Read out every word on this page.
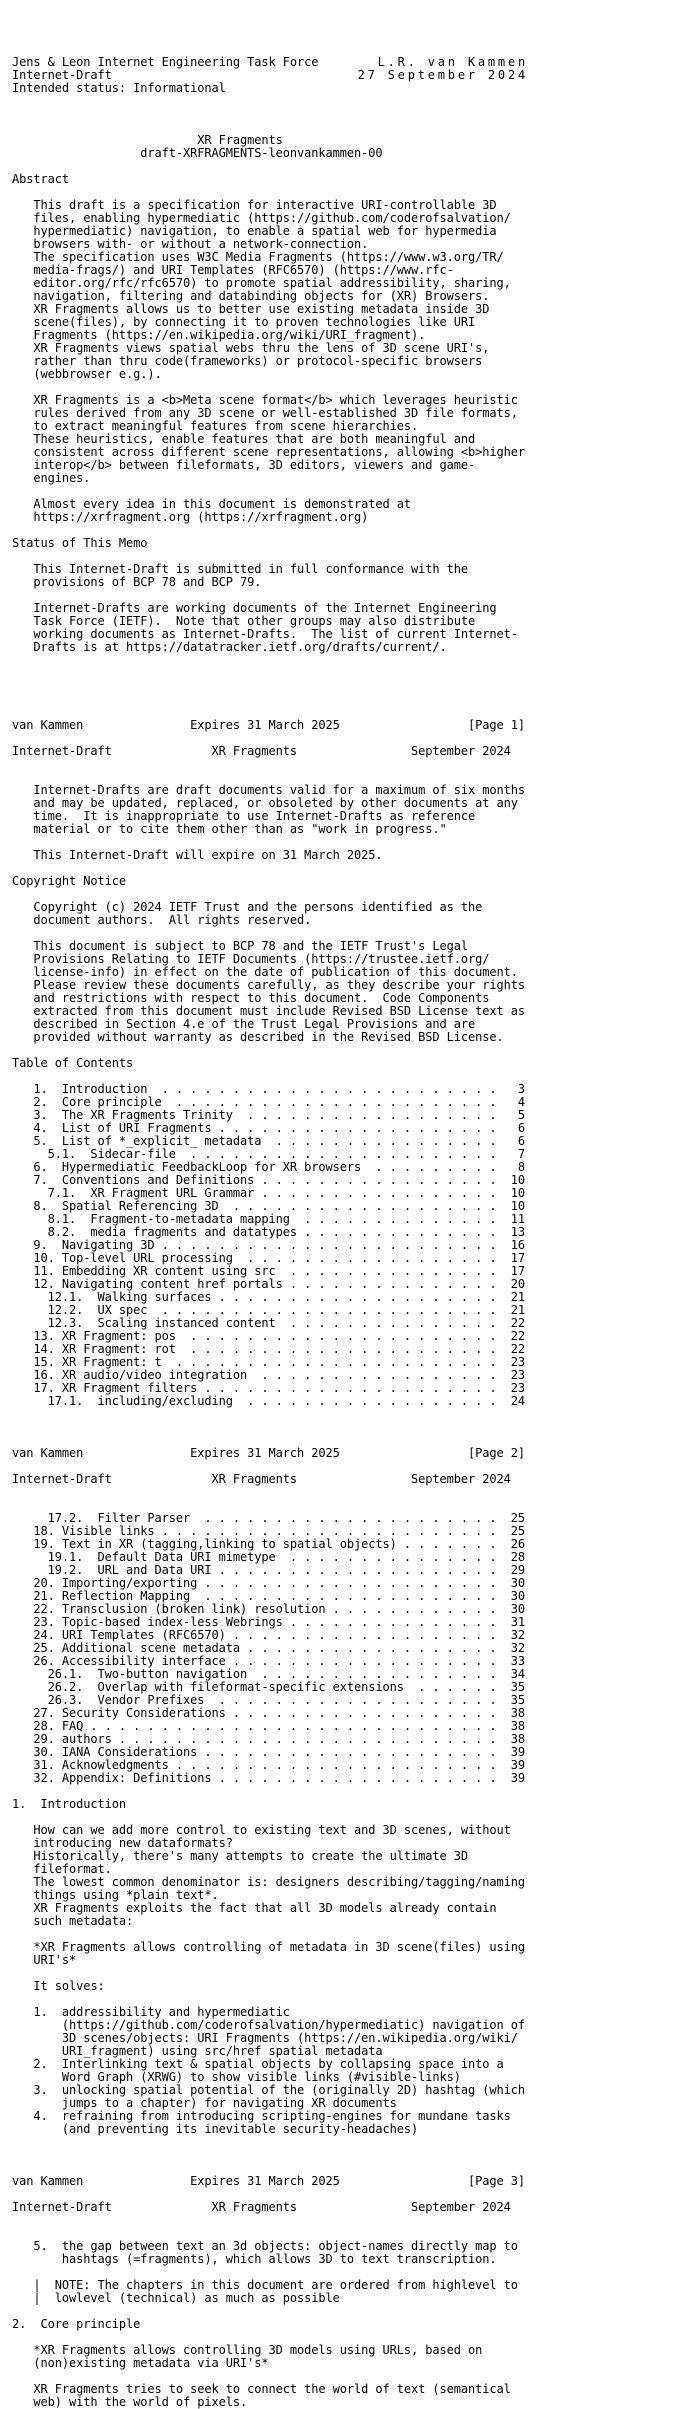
Jens & Leon Internet Engineering Task Force
Internet-Draft
Intended status: Informational
XR Fragments
draft-XRFRAGMENTS-leonvankammen-00
Abstract
This draft is a specification for interactive URI-controllable 3D
files, enabling hypermediatic (https://github.com/coderofsalvation/
hypermediatic) navigation, to enable a spatial web for hypermedia
browsers with- or without a network-connection.
The specification uses W3C Media Fragments (https://www.w3.org/TR/
media-frags/) and URI Templates (RFC6570) (https://www.rfc-
editor.org/rfc/rfc6570) to promote spatial addressibility, sharing,
navigation, filtering and databinding objects for (XR) Browsers.
XR Fragments allows us to better use existing metadata inside 3D
scene(files), by connecting it to proven technologies like URI
Fragments (https://en.wikipedia.org/wiki/URI_fragment).
XR Fragments views spatial webs thru the lens of 3D scene URI's,
rather than thru code(frameworks) or protocol-specific browsers
(webbrowser e.g.).
XR Fragments is a <b>Meta scene format</b> which leverages heuristic
rules derived from any 3D scene or well-established 3D file formats,
to extract meaningful features from scene hierarchies.
These heuristics, enable features that are both meaningful and
consistent across different scene representations, allowing <b>higher
interop</b> between fileformats, 3D editors, viewers and game-
engines.
Almost every idea in this document is demonstrated at
https://xrfragment.org (https://xrfragment.org)
Status of This Memo
This Internet-Draft is submitted in full conformance with the
provisions of BCP 78 and BCP 79.
Internet-Drafts are working documents of the Internet Engineering
Task Force (IETF).  Note that other groups may also distribute
working documents as Internet-Drafts.  The list of current Internet-
Drafts is at https://datatracker.ietf.org/drafts/current/.
van Kammen               Expires 31 March 2025                  [Page 1]
Internet-Draft              XR Fragments                September 2024
Internet-Drafts are draft documents valid for a maximum of six months
and may be updated, replaced, or obsoleted by other documents at any
time.  It is inappropriate to use Internet-Drafts as reference
material or to cite them other than as "work in progress."
This Internet-Draft will expire on 31 March 2025.
Copyright Notice
Copyright (c) 2024 IETF Trust and the persons identified as the
document authors.  All rights reserved.
This document is subject to BCP 78 and the IETF Trust's Legal
Provisions Relating to IETF Documents (https://trustee.ietf.org/
license-info) in effect on the date of publication of this document.
Please review these documents carefully, as they describe your rights
and restrictions with respect to this document.  Code Components
extracted from this document must include Revised BSD License text as
described in Section 4.e of the Trust Legal Provisions and are
provided without warranty as described in the Revised BSD License.
Table of Contents
1.  Introduction  . . . . . . . . . . . . . . . . . . . . . . . .   3
2.  Core principle  . . . . . . . . . . . . . . . . . . . . . . .   4
3.  The XR Fragments Trinity  . . . . . . . . . . . . . . . . . .   5
4.  List of URI Fragments . . . . . . . . . . . . . . . . . . . .   6
5.  List of *_explicit_ metadata  . . . . . . . . . . . . . . . .   6
5.1.  Sidecar-file  . . . . . . . . . . . . . . . . . . . . . .   7
6.  Hypermediatic FeedbackLoop for XR browsers  . . . . . . . . .   8
7.  Conventions and Definitions . . . . . . . . . . . . . . . . .  10
7.1.  XR Fragment URL Grammar . . . . . . . . . . . . . . . . .  10
8.  Spatial Referencing 3D  . . . . . . . . . . . . . . . . . . .  10
8.1.  Fragment-to-metadata mapping  . . . . . . . . . . . . . .  11
8.2.  media fragments and datatypes . . . . . . . . . . . . . .  13
9.  Navigating 3D . . . . . . . . . . . . . . . . . . . . . . . .  16
10. Top-level URL processing  . . . . . . . . . . . . . . . . . .  17
11. Embedding XR content using src  . . . . . . . . . . . . . . .  17
12. Navigating content href portals . . . . . . . . . . . . . . .  20
12.1.  Walking surfaces . . . . . . . . . . . . . . . . . . . .  21
12.2.  UX spec  . . . . . . . . . . . . . . . . . . . . . . . .  21
12.3.  Scaling instanced content  . . . . . . . . . . . . . . .  22
13. XR Fragment: pos  . . . . . . . . . . . . . . . . . . . . . .  22
14. XR Fragment: rot  . . . . . . . . . . . . . . . . . . . . . .  22
15. XR Fragment: t  . . . . . . . . . . . . . . . . . . . . . . .  23
16. XR audio/video integration  . . . . . . . . . . . . . . . . .  23
17. XR Fragment filters . . . . . . . . . . . . . . . . . . . . .  23
17.1.  including/excluding  . . . . . . . . . . . . . . . . . .  24
van Kammen               Expires 31 March 2025                  [Page 2]
Internet-Draft              XR Fragments                September 2024
17.2.  Filter Parser  . . . . . . . . . . . . . . . . . . . . .  25
18. Visible links . . . . . . . . . . . . . . . . . . . . . . . .  25
19. Text in XR (tagging,linking to spatial objects) . . . . . . .  26
19.1.  Default Data URI mimetype  . . . . . . . . . . . . . . .  28
19.2.  URL and Data URI . . . . . . . . . . . . . . . . . . . .  29
20. Importing/exporting . . . . . . . . . . . . . . . . . . . . .  30
21. Reflection Mapping  . . . . . . . . . . . . . . . . . . . . .  30
22. Transclusion (broken link) resolution . . . . . . . . . . . .  30
23. Topic-based index-less Webrings . . . . . . . . . . . . . . .  31
24. URI Templates (RFC6570) . . . . . . . . . . . . . . . . . . .  32
25. Additional scene metadata . . . . . . . . . . . . . . . . . .  32
26. Accessibility interface . . . . . . . . . . . . . . . . . . .  33
26.1.  Two-button navigation  . . . . . . . . . . . . . . . . .  34
26.2.  Overlap with fileformat-specific extensions  . . . . . .  35
26.3.  Vendor Prefixes  . . . . . . . . . . . . . . . . . . . .  35
27. Security Considerations . . . . . . . . . . . . . . . . . . .  38
28. FAQ . . . . . . . . . . . . . . . . . . . . . . . . . . . . .  38
29. authors . . . . . . . . . . . . . . . . . . . . . . . . . . .  38
30. IANA Considerations . . . . . . . . . . . . . . . . . . . . .  39
31. Acknowledgments . . . . . . . . . . . . . . . . . . . . . . .  39
32. Appendix: Definitions . . . . . . . . . . . . . . . . . . . .  39
1.  Introduction
How can we add more control to existing text and 3D scenes, without
introducing new dataformats?
Historically, there's many attempts to create the ultimate 3D
fileformat.
The lowest common denominator is: designers describing/tagging/naming
things using *plain text*.
XR Fragments exploits the fact that all 3D models already contain
such metadata:
*XR Fragments allows controlling of metadata in 3D scene(files) using
URI's*
It solves:
1.  addressibility and hypermediatic
(https://github.com/coderofsalvation/hypermediatic) navigation of
3D scenes/objects: URI Fragments (https://en.wikipedia.org/wiki/
URI_fragment) using src/href spatial metadata
2.  Interlinking text & spatial objects by collapsing space into a
Word Graph (XRWG) to show visible links (#visible-links)
3.  unlocking spatial potential of the (originally 2D) hashtag (which
jumps to a chapter) for navigating XR documents
4.  refraining from introducing scripting-engines for mundane tasks
(and preventing its inevitable security-headaches)
van Kammen               Expires 31 March 2025                  [Page 3]
Internet-Draft              XR Fragments                September 2024
5.  the gap between text an 3d objects: object-names directly map to
hashtags (=fragments), which allows 3D to text transcription.
|  NOTE: The chapters in this document are ordered from highlevel to
|  lowlevel (technical) as much as possible
2.  Core principle
*XR Fragments allows controlling 3D models using URLs, based on
(non)existing metadata via URI's*
XR Fragments tries to seek to connect the world of text (semantical
web) with the world of pixels.
L.R. van Kammen
27 September 2024
